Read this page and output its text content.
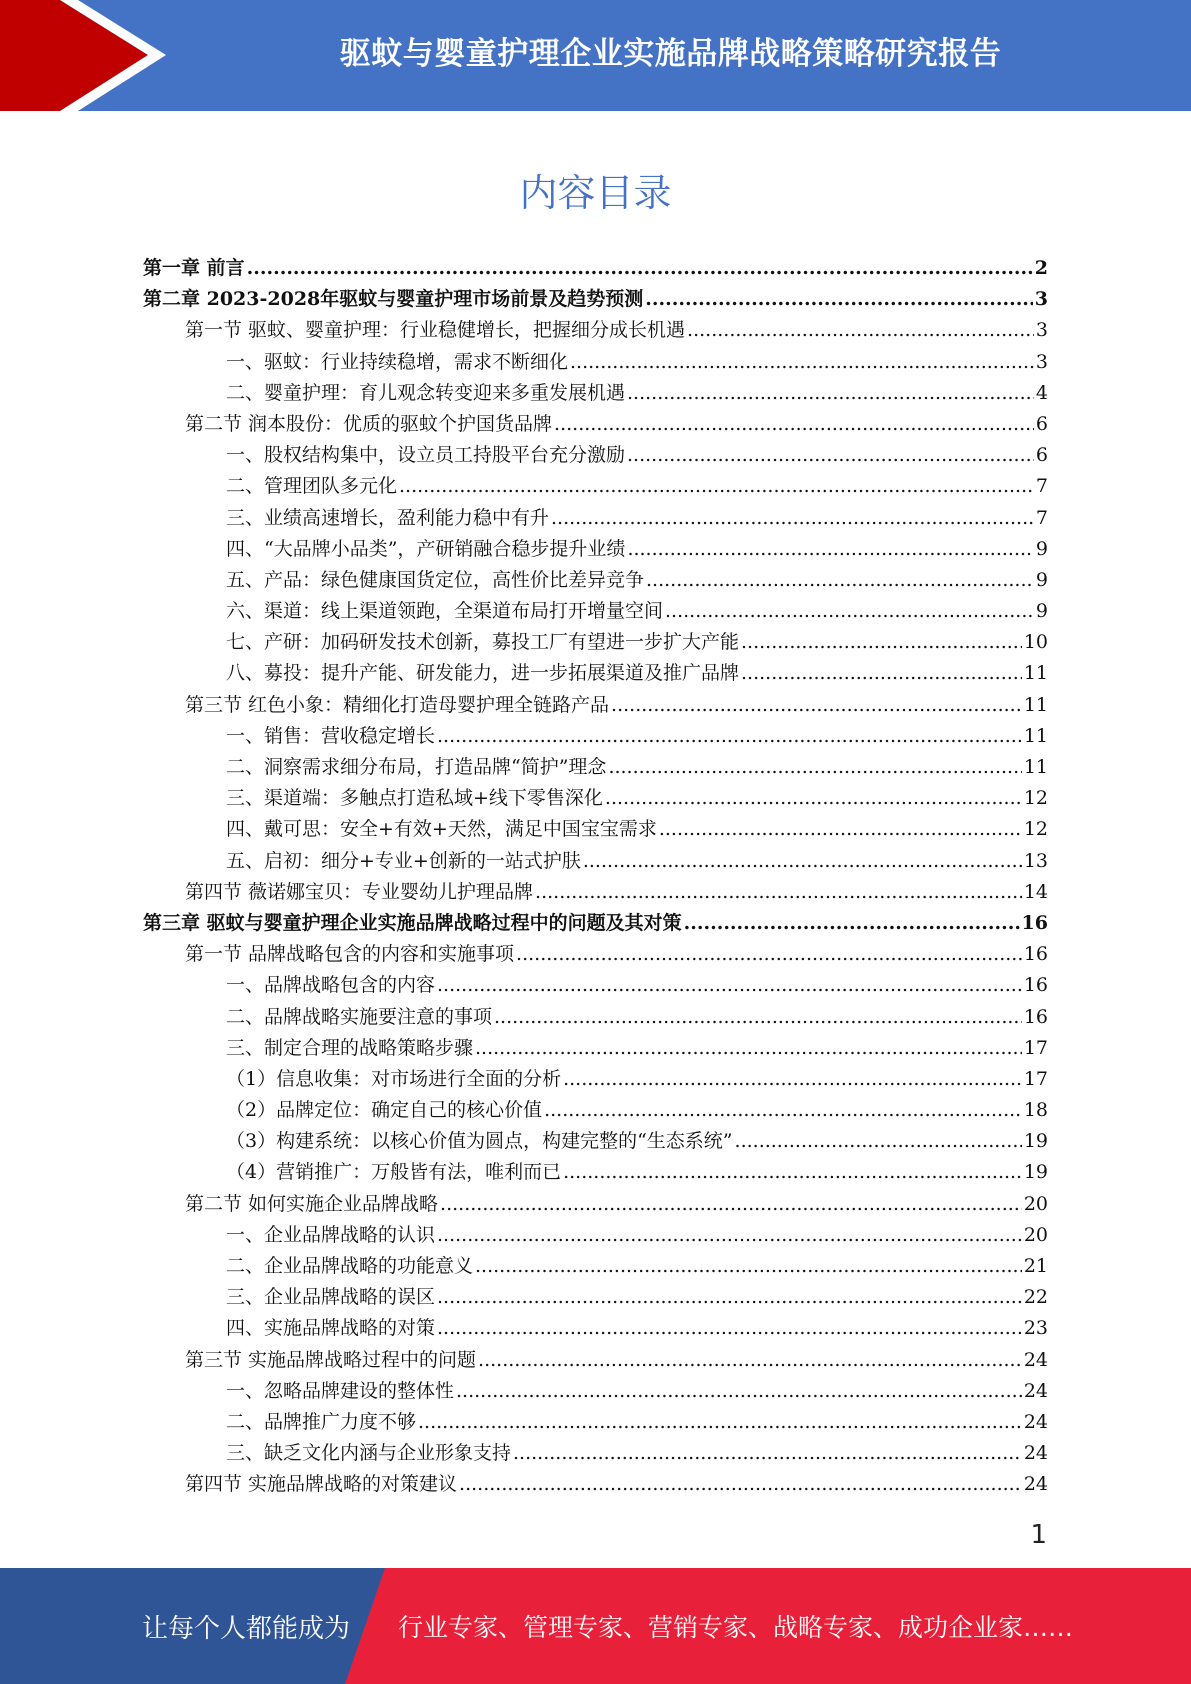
驱蚊与婴童护理企业实施品牌战略策略研究报告
内容目录
第一章 前言 .....	2
第二章 2023-2028年驱蚊与婴童护理市场前景及趋势预测 .....	3
第一节 驱蚊、婴童护理：行业稳健增长，把握细分成长机遇 .....	3
一、驱蚊：行业持续稳增，需求不断细化 .....	3
二、婴童护理：育儿观念转变迎来多重发展机遇 .....	4
第二节 润本股份：优质的驱蚊个护国货品牌 .....	6
一、股权结构集中，设立员工持股平台充分激励 .....	6
二、管理团队多元化 .....	7
三、业绩高速增长，盈利能力稳中有升 .....	7
四、“大品牌小品类”，产研销融合稳步提升业绩 .....	9
五、产品：绿色健康国货定位，高性价比差异竞争 .....	9
六、渠道：线上渠道领跑，全渠道布局打开增量空间 .....	9
七、产研：加码研发技术创新，募投工厂有望进一步扩大产能 .....	10
八、募投：提升产能、研发能力，进一步拓展渠道及推广品牌 .....	11
第三节 红色小象：精细化打造母婴护理全链路产品 .....	11
一、销售：营收稳定增长 .....	11
二、洞察需求细分布局，打造品牌“简护”理念 .....	11
三、渠道端：多触点打造私域+线下零售深化 .....	12
四、戴可思：安全+有效+天然，满足中国宝宝需求 .....	12
五、启初：细分+专业+创新的一站式护肤 .....	13
第四节 薇诺娜宝贝：专业婴幼儿护理品牌 .....	14
第三章 驱蚊与婴童护理企业实施品牌战略过程中的问题及其对策 .....	16
第一节 品牌战略包含的内容和实施事项 .....	16
一、品牌战略包含的内容 .....	16
二、品牌战略实施要注意的事项 .....	16
三、制定合理的战略策略步骤 .....	17
（1）信息收集：对市场进行全面的分析 .....	17
（2）品牌定位：确定自己的核心价值 .....	18
（3）构建系统：以核心价值为圆点，构建完整的“生态系统” .....	19
（4）营销推广：万般皆有法，唯利而已 .....	19
第二节 如何实施企业品牌战略 .....	20
一、企业品牌战略的认识 .....	20
二、企业品牌战略的功能意义 .....	21
三、企业品牌战略的误区 .....	22
四、实施品牌战略的对策 .....	23
第三节 实施品牌战略过程中的问题 .....	24
一、忽略品牌建设的整体性 .....	24
二、品牌推广力度不够 .....	24
三、缺乏文化内涵与企业形象支持 .....	24
第四节 实施品牌战略的对策建议 .....	24
1
让每个人都能成为 行业专家、管理专家、营销专家、战略专家、成功企业家……
